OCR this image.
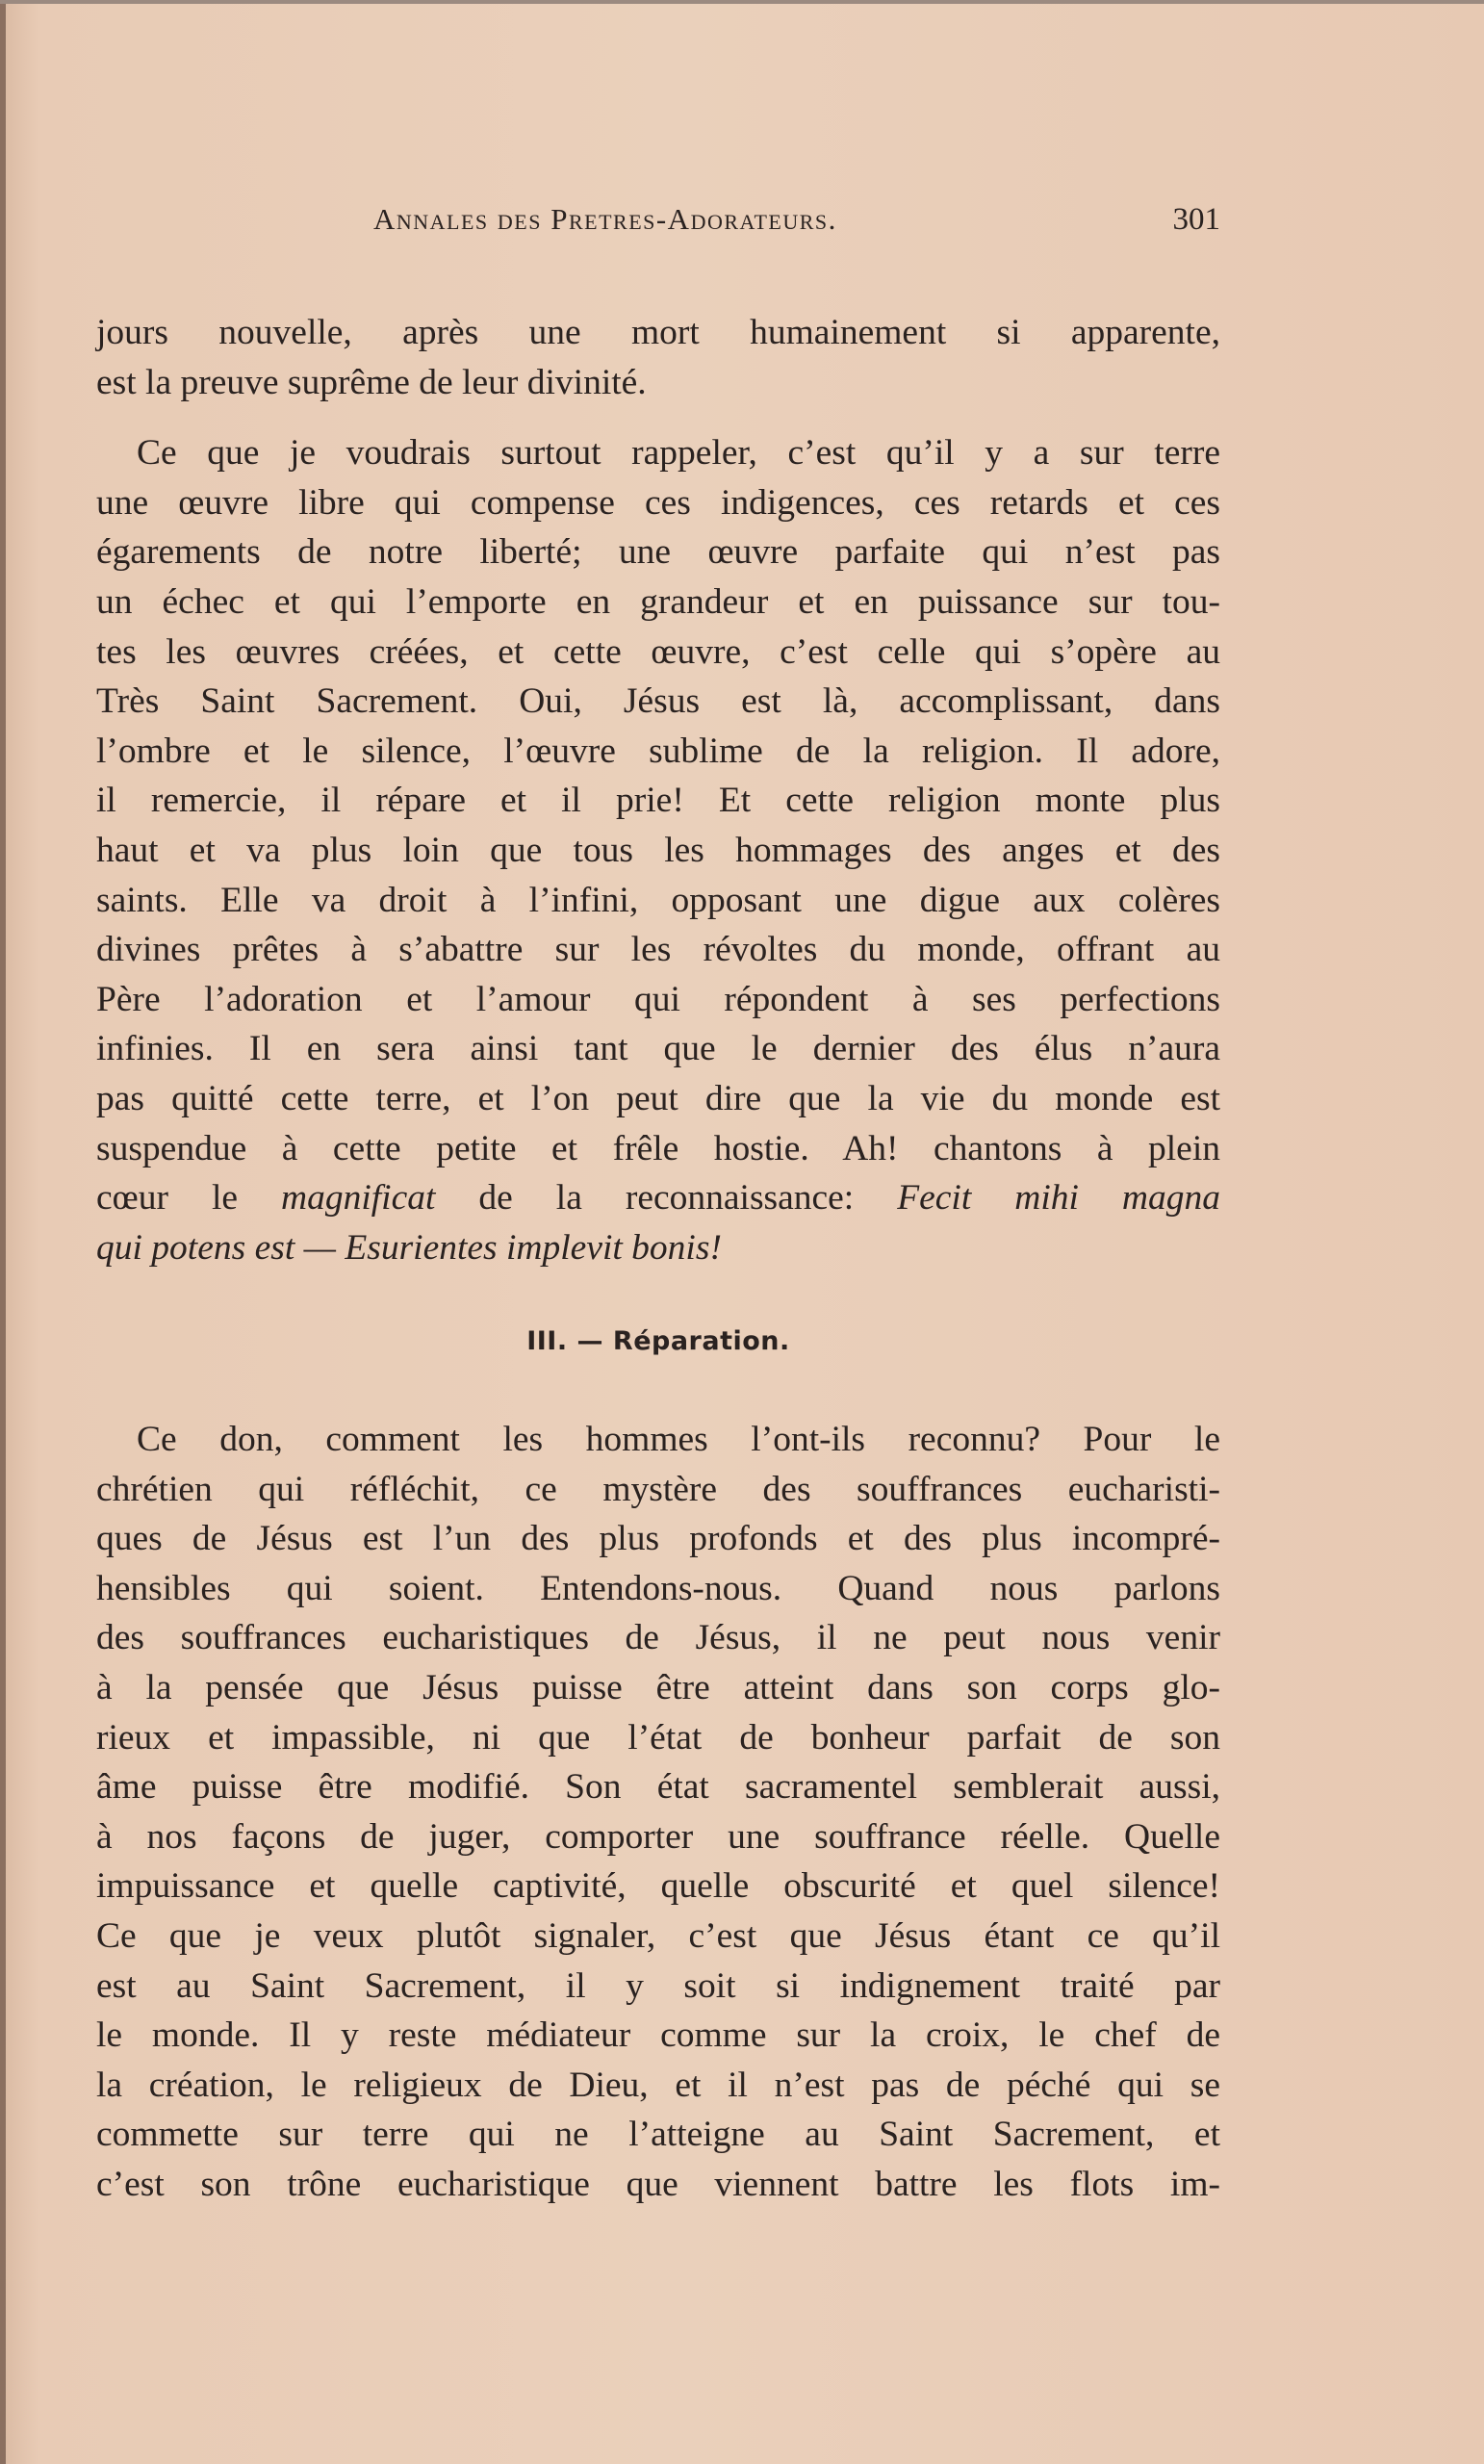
Annales des Pretres-Adorateurs.	301

jours nouvelle, après une mort humainement si apparente,

est la preuve suprême de leur divinité.

Ce que je voudrais surtout rappeler, c’est qu’il y a sur terre

une œuvre libre qui compense ces indigences, ces retards et ces

égarements de notre liberté; une œuvre parfaite qui n’est pas

un échec et qui l’emporte en grandeur et en puissance sur tou-

tes les œuvres créées, et cette œuvre, c’est celle qui s’opère au

Très Saint Sacrement. Oui, Jésus est là, accomplissant, dans

l’ombre et le silence, l’œuvre sublime de la religion. Il adore,

il remercie, il répare et il prie! Et cette religion monte plus

haut et va plus loin que tous les hommages des anges et des

saints. Elle va droit à l’infini, opposant une digue aux colères

divines prêtes à s’abattre sur les révoltes du monde, offrant au

Père l’adoration et l’amour qui répondent à ses perfections

infinies. Il en sera ainsi tant que le dernier des élus n’aura

pas quitté cette terre, et l’on peut dire que la vie du monde est

suspendue à cette petite et frêle hostie. Ah! chantons à plein

cœur le magnificat de la reconnaissance: Fecit mihi magna

qui potens est — Esurientes implevit bonis!

III. — Réparation.

Ce don, comment les hommes l’ont-ils reconnu? Pour le

chrétien qui réfléchit, ce mystère des souffrances eucharisti-

ques de Jésus est l’un des plus profonds et des plus incompré-

hensibles qui soient. Entendons-nous. Quand nous parlons

des souffrances eucharistiques de Jésus, il ne peut nous venir

à la pensée que Jésus puisse être atteint dans son corps glo-

rieux et impassible, ni que l’état de bonheur parfait de son

âme puisse être modifié. Son état sacramentel semblerait aussi,

à nos façons de juger, comporter une souffrance réelle. Quelle

impuissance et quelle captivité, quelle obscurité et quel silence!

Ce que je veux plutôt signaler, c’est que Jésus étant ce qu’il

est au Saint Sacrement, il y soit si indignement traité par

le monde. Il y reste médiateur comme sur la croix, le chef de

la création, le religieux de Dieu, et il n’est pas de péché qui se

commette sur terre qui ne l’atteigne au Saint Sacrement, et

c’est son trône eucharistique que viennent battre les flots im-
